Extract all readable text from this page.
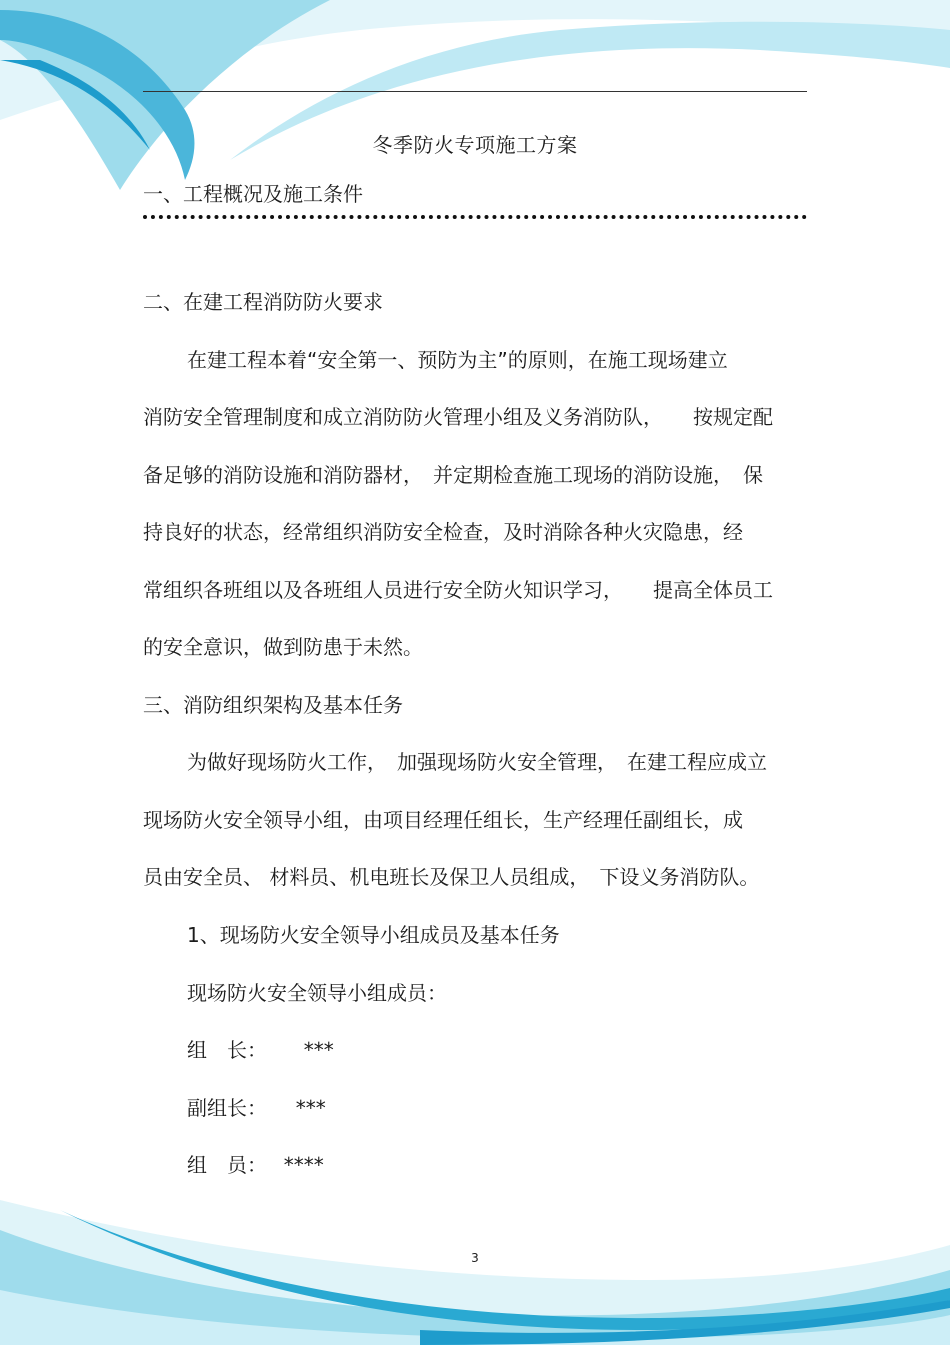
冬季防火专项施工方案
一、工程概况及施工条件
二、在建工程消防防火要求
在建工程本着“安全第一、预防为主”的原则，在施工现场建立
消防安全管理制度和成立消防防火管理小组及义务消防队，　　按规定配
备足够的消防设施和消防器材，　并定期检查施工现场的消防设施，　保
持良好的状态，经常组织消防安全检查，及时消除各种火灾隐患，经
常组织各班组以及各班组人员进行安全防火知识学习，　　提高全体员工
的安全意识，做到防患于未然。
三、消防组织架构及基本任务
为做好现场防火工作，　加强现场防火安全管理，　在建工程应成立
现场防火安全领导小组，由项目经理任组长，生产经理任副组长，成
员由安全员、 材料员、机电班长及保卫人员组成，　下设义务消防队。
1、现场防火安全领导小组成员及基本任务
现场防火安全领导小组成员：
组　长： ***
副组长： ***
组　员： ****
3
